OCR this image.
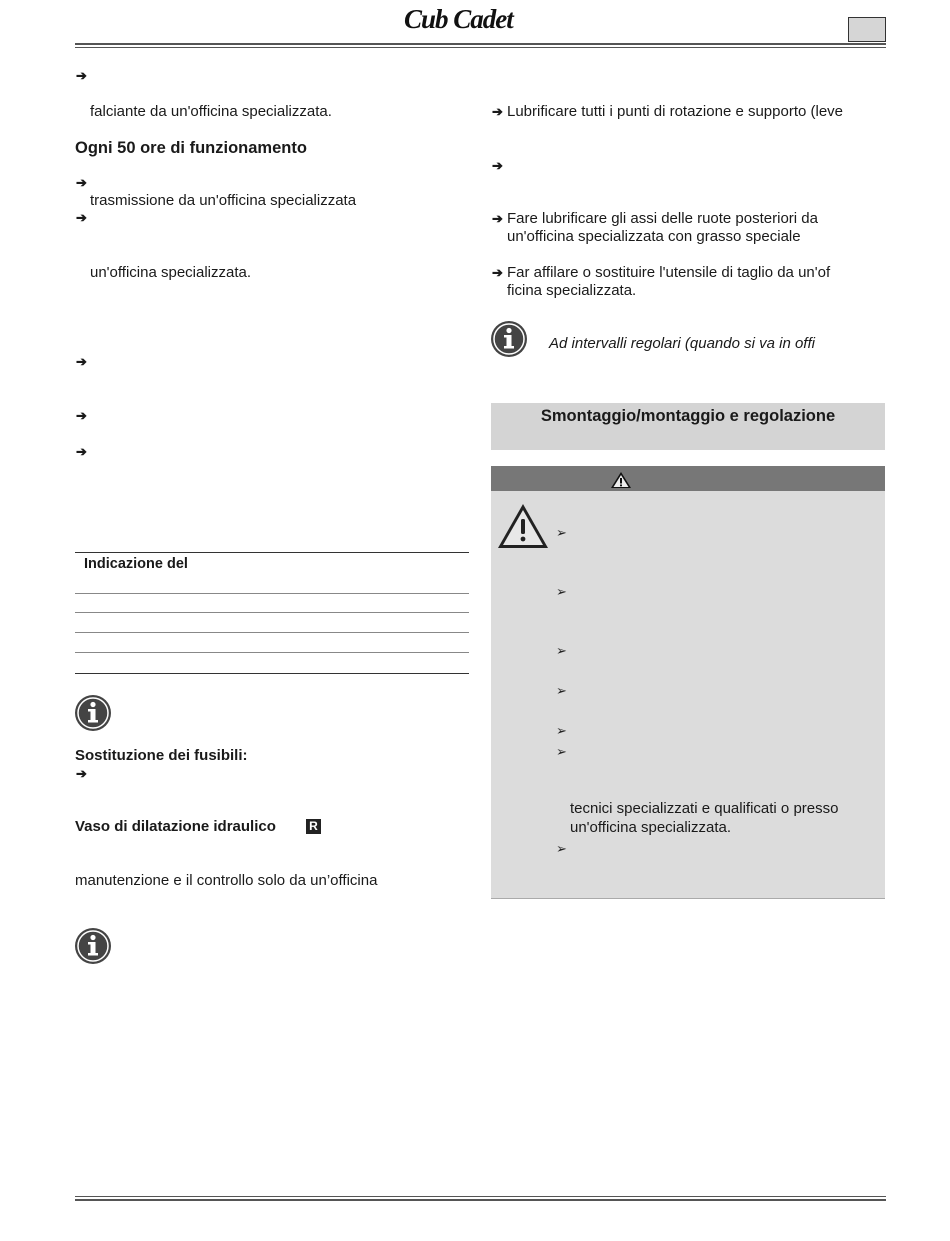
Cub Cadet
➔
falciante da un'officina specializzata.
Ogni 50 ore di funzionamento
➔
trasmissione da un'officina specializzata
➔
un'officina specializzata.
➔
➔
➔
Indicazione del
Sostituzione dei fusibili:
➔
Vaso di dilatazione idraulico	R
manutenzione e il controllo solo da un’officina
➔ Lubrificare tutti i punti di rotazione e supporto (leve
➔
➔ Fare lubrificare gli assi delle ruote posteriori da
un'officina specializzata con grasso speciale
➔ Far affilare o sostituire l'utensile di taglio da un'of
ficina specializzata.
Ad intervalli regolari (quando si va in offi
Smontaggio/montaggio e regolazione
➢
➢
➢
➢
➢
➢
tecnici specializzati e qualificati o presso
un'officina specializzata.
➢
